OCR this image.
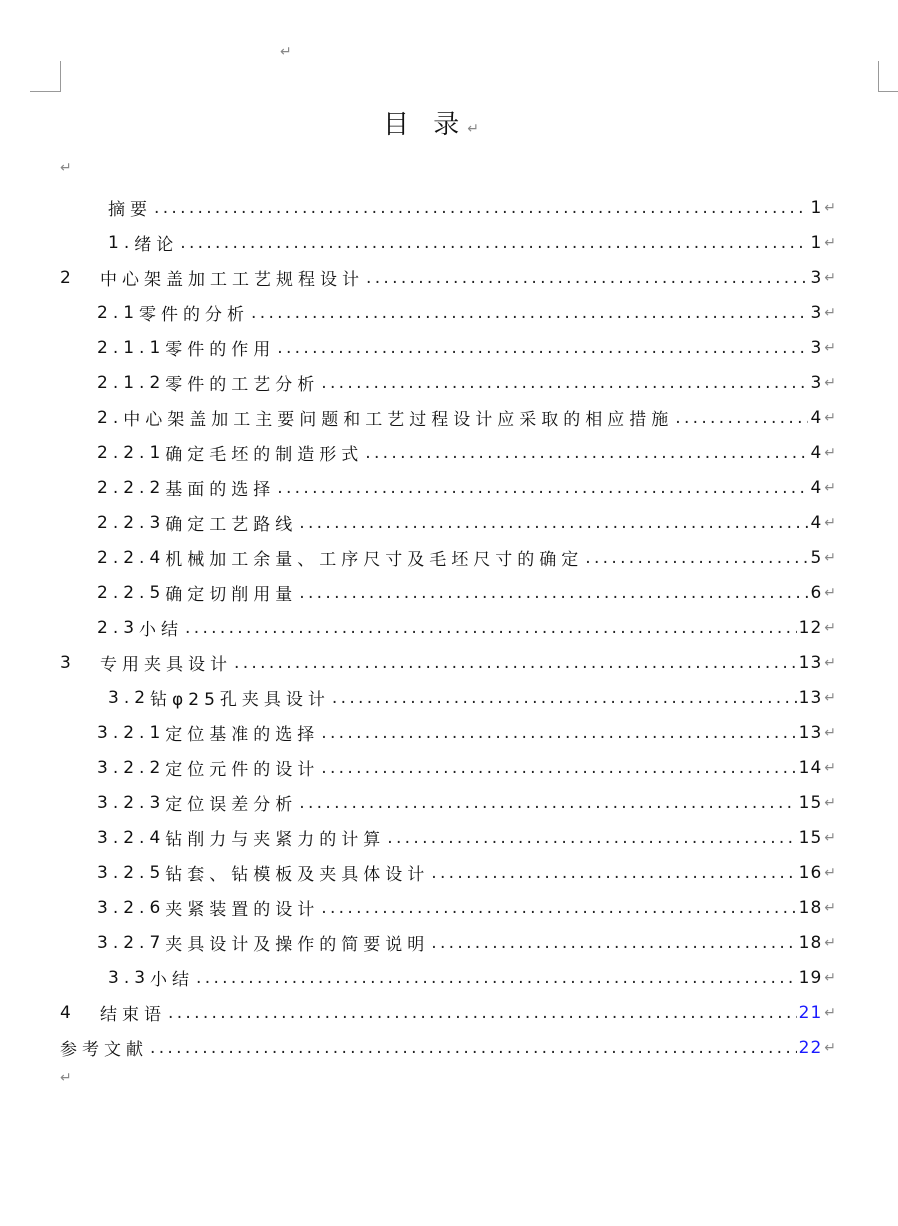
↵
目 录↵
↵
摘要 .....	1 ↵
1. 绪论 .....	1 ↵
2	中心架盖加工工艺规程设计 .....	3 ↵
2.1 零件的分析 .....	3 ↵
2.1.1 零件的作用 .....	3 ↵
2.1.2 零件的工艺分析 .....	3 ↵
2. 中心架盖加工主要问题和工艺过程设计应采取的相应措施 .....	4 ↵
2.2.1 确定毛坯的制造形式 .....	4 ↵
2.2.2 基面的选择 .....	4 ↵
2.2.3 确定工艺路线 .....	4 ↵
2.2.4 机械加工余量、工序尺寸及毛坯尺寸的确定 .....	5 ↵
2.2.5 确定切削用量 .....	6 ↵
2.3 小结 .....	12 ↵
3	专用夹具设计 .....	13 ↵
3.2 钻φ25孔夹具设计 .....	13 ↵
3.2.1 定位基准的选择 .....	13 ↵
3.2.2 定位元件的设计 .....	14 ↵
3.2.3 定位误差分析 .....	15 ↵
3.2.4 钻削力与夹紧力的计算 .....	15 ↵
3.2.5 钻套、钻模板及夹具体设计 .....	16 ↵
3.2.6 夹紧装置的设计 .....	18 ↵
3.2.7 夹具设计及操作的简要说明 .....	18 ↵
3.3 小结 .....	19 ↵
4	结束语 .....	21 ↵
参考文献 .....	22 ↵
↵
